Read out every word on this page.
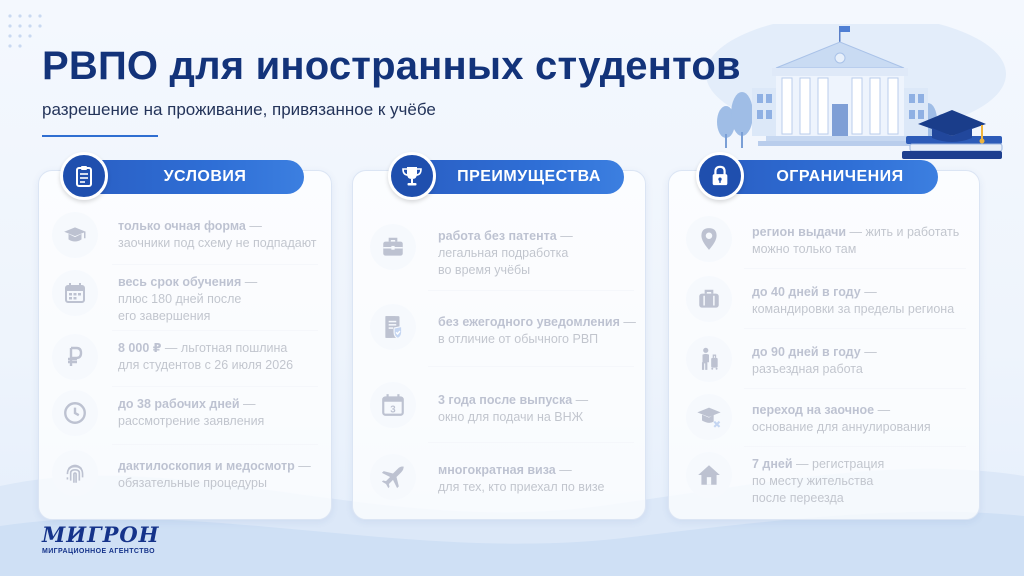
РВПО для иностранных студентов
разрешение на проживание, привязанное к учёбе
УСЛОВИЯ	ПРЕИМУЩЕСТВА	ОГРАНИЧЕНИЯ

МИГРОН
МИГРАЦИОННОЕ АГЕНТСТВО
